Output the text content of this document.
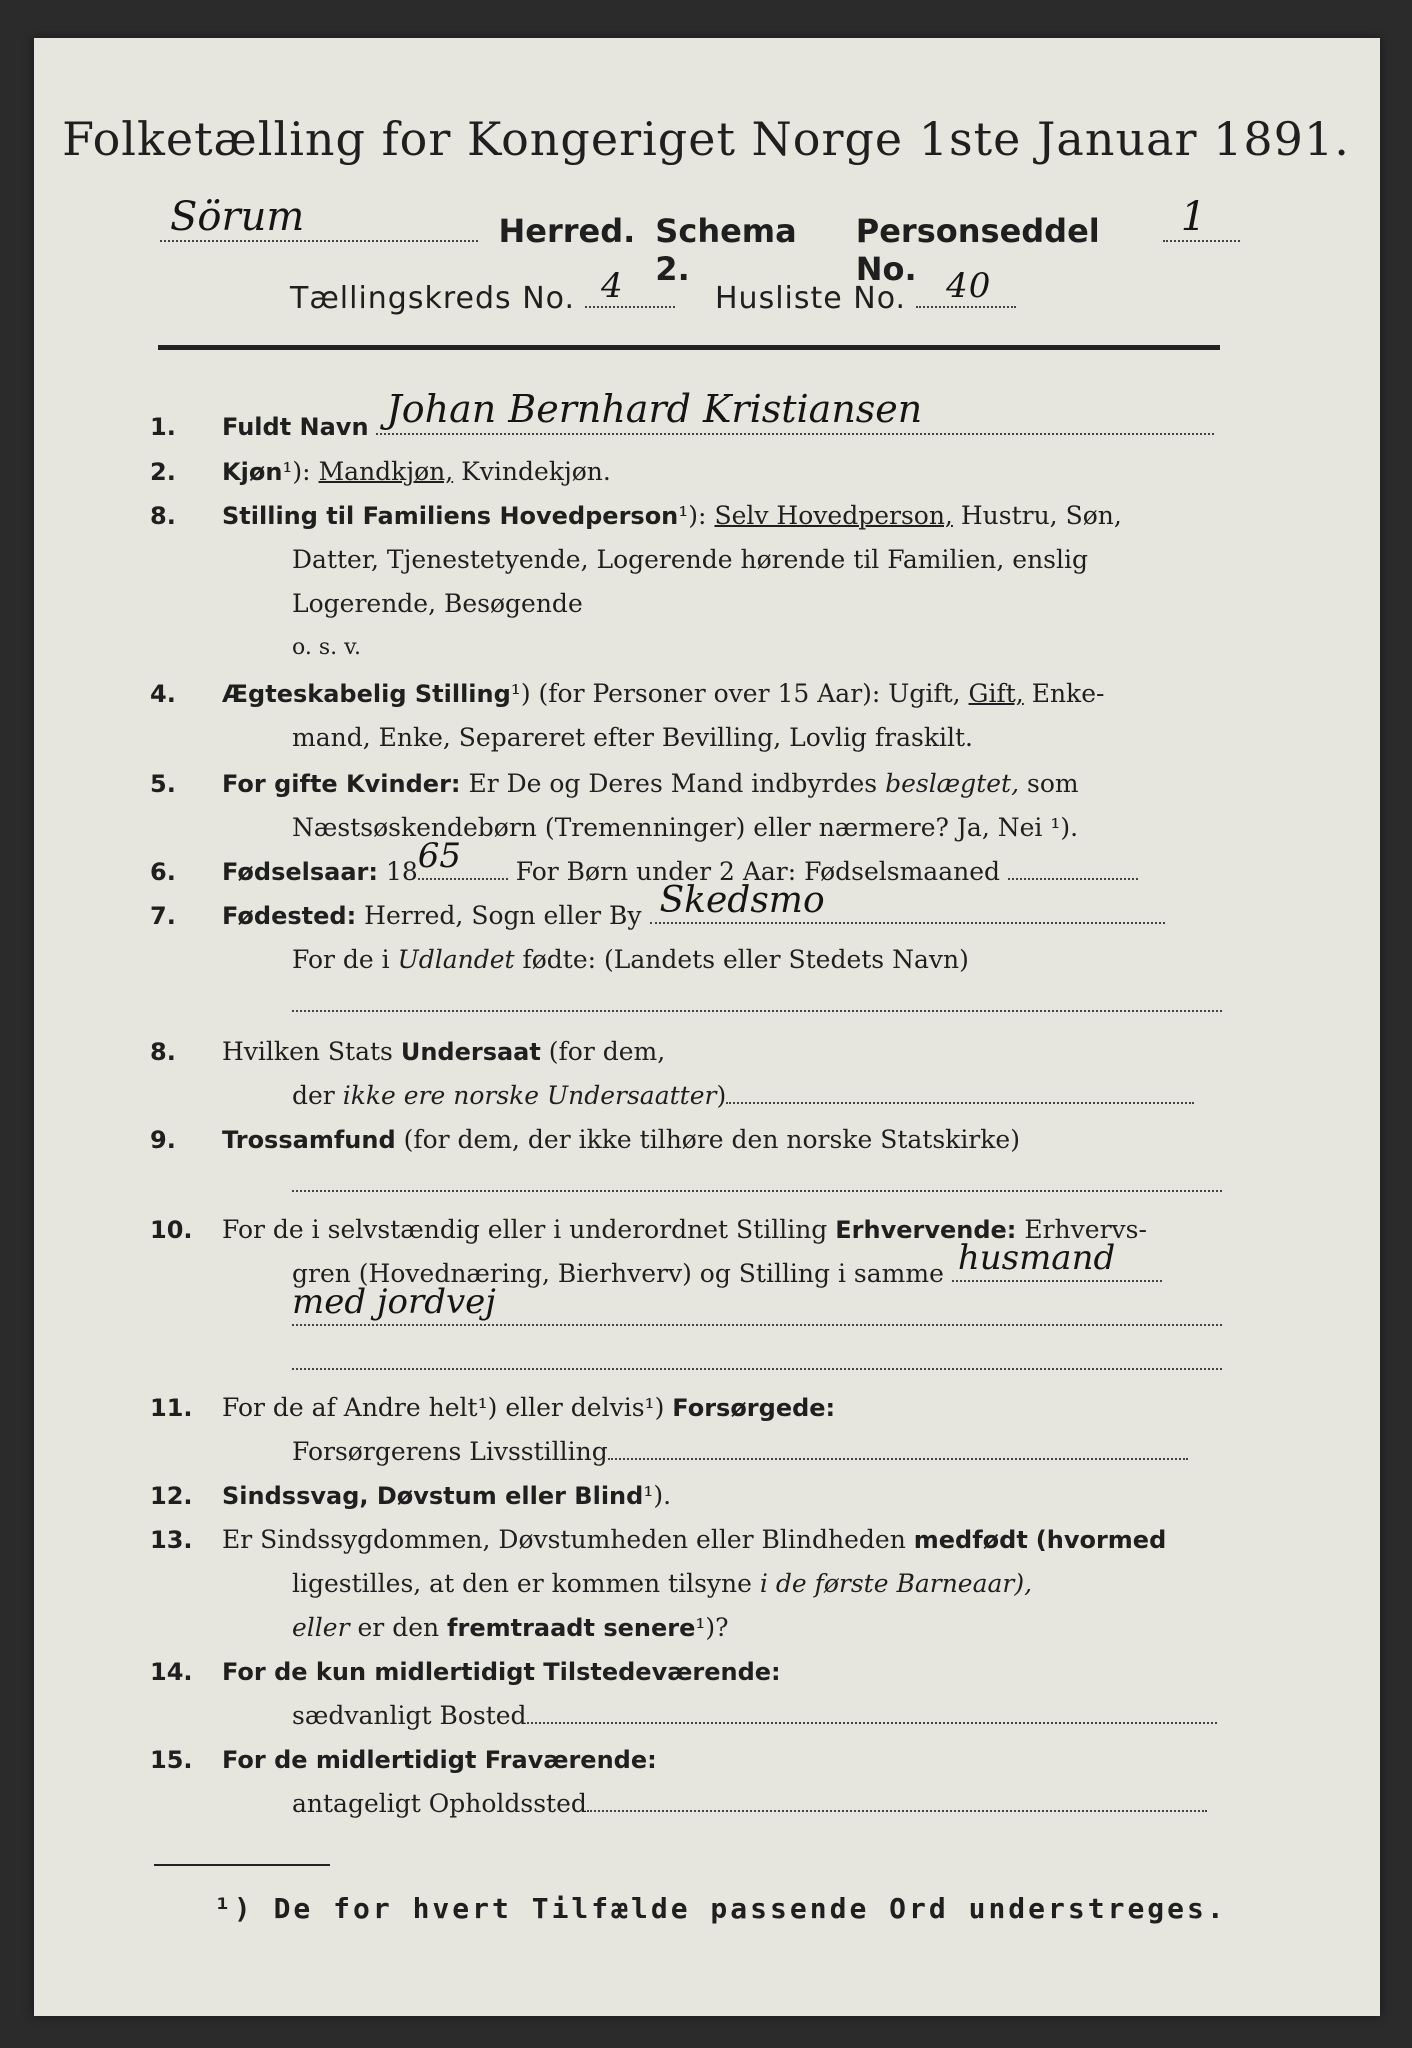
Folketælling for Kongeriget Norge 1ste Januar 1891.
Sörum	Herred. Schema 2.
Personseddel No.
1
Tællingskreds No. 4	Husliste No. 40
1. Fuldt Navn Johan Bernhard Kristiansen
2. Kjøn¹): Mandkjøn, Kvindekjøn.
8. Stilling til Familiens Hovedperson¹): Selv Hovedperson, Hustru, Søn,
Datter, Tjenestetyende, Logerende hørende til Familien, enslig
Logerende, Besøgende
o. s. v.
4. Ægteskabelig Stilling¹) (for Personer over 15 Aar): Ugift, Gift, Enke-
mand, Enke, Separeret efter Bevilling, Lovlig fraskilt.
5. For gifte Kvinder: Er De og Deres Mand indbyrdes beslægtet, som
Næstsøskendebørn (Tremenninger) eller nærmere? Ja, Nei ¹).
6. Fødselsaar: 18 65 For Børn under 2 Aar: Fødselsmaaned
7. Fødested: Herred, Sogn eller By Skedsmo
For de i Udlandet fødte: (Landets eller Stedets Navn)
8. Hvilken Stats Undersaat (for dem,
der ikke ere norske Undersaatter)
9. Trossamfund (for dem, der ikke tilhøre den norske Statskirke)
10. For de i selvstændig eller i underordnet Stilling Erhvervende: Erhvervs-
gren (Hovednæring, Bierhverv) og Stilling i samme husmand
med jordvej
11. For de af Andre helt¹) eller delvis¹) Forsørgede:
Forsørgerens Livsstilling
12. Sindssvag, Døvstum eller Blind¹).
13. Er Sindssygdommen, Døvstumheden eller Blindheden medfødt (hvormed
ligestilles, at den er kommen tilsyne i de første Barneaar),
eller er den fremtraadt senere¹)?
14. For de kun midlertidigt Tilstedeværende:
sædvanligt Bosted
15. For de midlertidigt Fraværende:
antageligt Opholdssted
¹) De for hvert Tilfælde passende Ord understreges.
